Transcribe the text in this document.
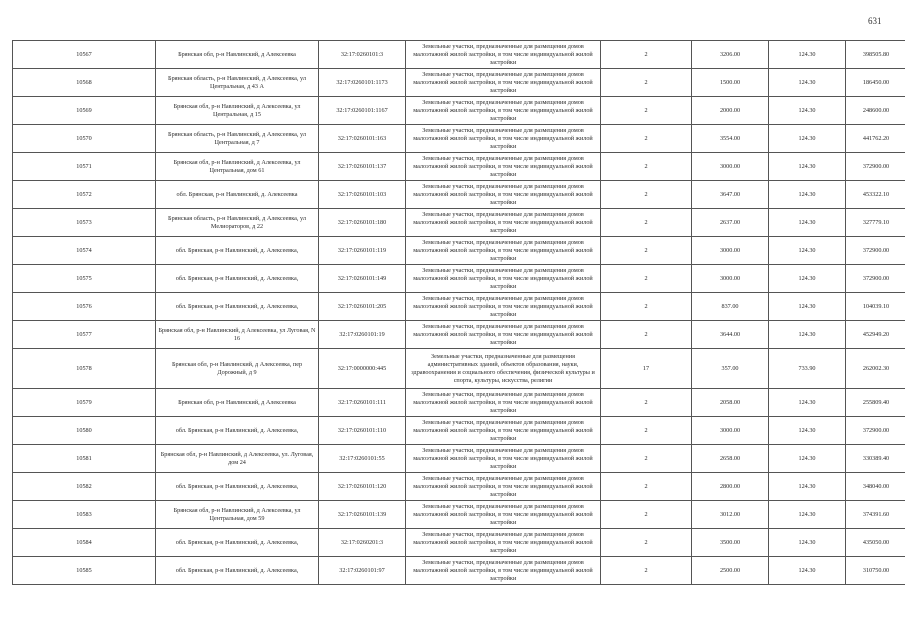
631
10567	Брянская обл, р-н Навлинский, д Алексеевка	32:17:0260101:3	Земельные участки, предназначенные для размещения домов малоэтажной жилой застройки, в том числе индивидуальной жилой застройки	2	3206.00	124.30	398505.80
10568	Брянская область, р-н Навлинский, д Алексеевка, ул Центральная, д 43 А	32:17:0260101:1173	Земельные участки, предназначенные для размещения домов малоэтажной жилой застройки, в том числе индивидуальной жилой застройки	2	1500.00	124.30	186450.00
10569	Брянская обл, р-н Навлинский, д Алексеевка, ул Центральная, д 15	32:17:0260101:1167	Земельные участки, предназначенные для размещения домов малоэтажной жилой застройки, в том числе индивидуальной жилой застройки	2	2000.00	124.30	248600.00
10570	Брянская область, р-н Навлинский, д Алексеевка, ул Центральная, д 7	32:17:0260101:163	Земельные участки, предназначенные для размещения домов малоэтажной жилой застройки, в том числе индивидуальной жилой застройки	2	3554.00	124.30	441762.20
10571	Брянская обл, р-н Навлинский, д Алексеевка, ул Центральная, дом 61	32:17:0260101:137	Земельные участки, предназначенные для размещения домов малоэтажной жилой застройки, в том числе индивидуальной жилой застройки	2	3000.00	124.30	372900.00
10572	обл. Брянская, р-н Навлинский, д. Алексеевка	32:17:0260101:103	Земельные участки, предназначенные для размещения домов малоэтажной жилой застройки, в том числе индивидуальной жилой застройки	2	3647.00	124.30	453322.10
10573	Брянская область, р-н Навлинский, д Алексеевка, ул Мелиораторов, д 22	32:17:0260101:180	Земельные участки, предназначенные для размещения домов малоэтажной жилой застройки, в том числе индивидуальной жилой застройки	2	2637.00	124.30	327779.10
10574	обл. Брянская, р-н Навлинский, д. Алексеевка,	32:17:0260101:119	Земельные участки, предназначенные для размещения домов малоэтажной жилой застройки, в том числе индивидуальной жилой застройки	2	3000.00	124.30	372900.00
10575	обл. Брянская, р-н Навлинский, д. Алексеевка,	32:17:0260101:149	Земельные участки, предназначенные для размещения домов малоэтажной жилой застройки, в том числе индивидуальной жилой застройки	2	3000.00	124.30	372900.00
10576	обл. Брянская, р-н Навлинский, д. Алексеевка,	32:17:0260101:205	Земельные участки, предназначенные для размещения домов малоэтажной жилой застройки, в том числе индивидуальной жилой застройки	2	837.00	124.30	104039.10
10577	Брянская обл, р-н Навлинский, д Алексеевка, ул Луговая, N 16	32:17:0260101:19	Земельные участки, предназначенные для размещения домов малоэтажной жилой застройки, в том числе индивидуальной жилой застройки	2	3644.00	124.30	452949.20
10578	Брянская обл, р-н Навлинский, д Алексеевка, пер Дорожный, д 9	32:17:0000000:445	Земельные участки, предназначенные для размещения административных зданий, объектов образования, науки, здравоохранения и социального обеспечения, физической культуры и спорта, культуры, искусства, религии	17	357.00	733.90	262002.30
10579	Брянская обл, р-н Навлинский, д Алексеевка	32:17:0260101:111	Земельные участки, предназначенные для размещения домов малоэтажной жилой застройки, в том числе индивидуальной жилой застройки	2	2058.00	124.30	255809.40
10580	обл. Брянская, р-н Навлинский, д. Алексеевка,	32:17:0260101:110	Земельные участки, предназначенные для размещения домов малоэтажной жилой застройки, в том числе индивидуальной жилой застройки	2	3000.00	124.30	372900.00
10581	Брянская обл, р-н Навлинский, д Алексеевка, ул. Луговая, дом 24	32:17:0260101:55	Земельные участки, предназначенные для размещения домов малоэтажной жилой застройки, в том числе индивидуальной жилой застройки	2	2658.00	124.30	330389.40
10582	обл. Брянская, р-н Навлинский, д. Алексеевка,	32:17:0260101:120	Земельные участки, предназначенные для размещения домов малоэтажной жилой застройки, в том числе индивидуальной жилой застройки	2	2800.00	124.30	348040.00
10583	Брянская обл, р-н Навлинский, д Алексеевка, ул Центральная, дом 59	32:17:0260101:139	Земельные участки, предназначенные для размещения домов малоэтажной жилой застройки, в том числе индивидуальной жилой застройки	2	3012.00	124.30	374391.60
10584	обл. Брянская, р-н Навлинский, д. Алексеевка,	32:17:0260201:3	Земельные участки, предназначенные для размещения домов малоэтажной жилой застройки, в том числе индивидуальной жилой застройки	2	3500.00	124.30	435050.00
10585	обл. Брянская, р-н Навлинский, д. Алексеевка,	32:17:0260101:97	Земельные участки, предназначенные для размещения домов малоэтажной жилой застройки, в том числе индивидуальной жилой застройки	2	2500.00	124.30	310750.00
